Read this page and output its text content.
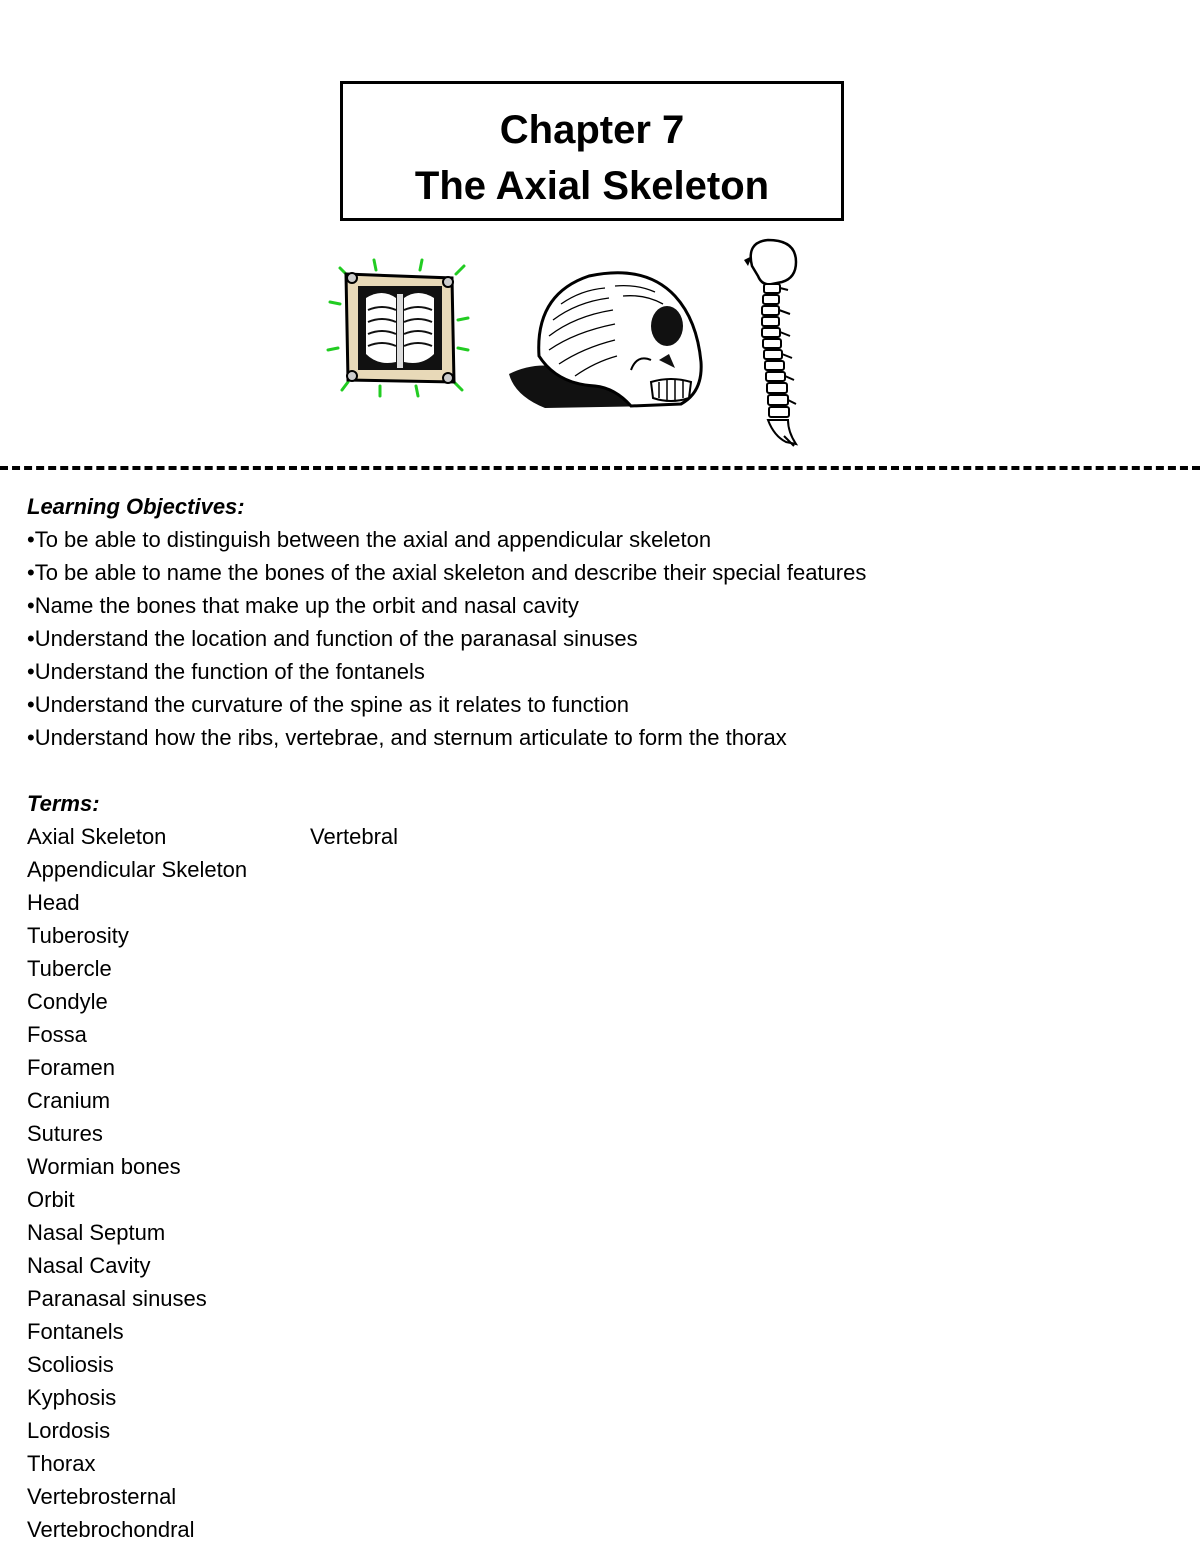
Chapter 7
The Axial Skeleton
Learning Objectives:
•To be able to distinguish between the axial and appendicular skeleton
•To be able to name the bones of the axial skeleton and describe their special features
•Name the bones that make up the orbit and nasal cavity
•Understand the location and function of the paranasal sinuses
•Understand the function of the fontanels
•Understand the curvature of the spine as it relates to function
•Understand how the ribs, vertebrae, and sternum articulate to form the thorax
Terms:
Vertebral
Axial Skeleton
Appendicular Skeleton
Head
Tuberosity
Tubercle
Condyle
Fossa
Foramen
Cranium
Sutures
Wormian bones
Orbit
Nasal Septum
Nasal Cavity
Paranasal sinuses
Fontanels
Scoliosis
Kyphosis
Lordosis
Thorax
Vertebrosternal
Vertebrochondral
